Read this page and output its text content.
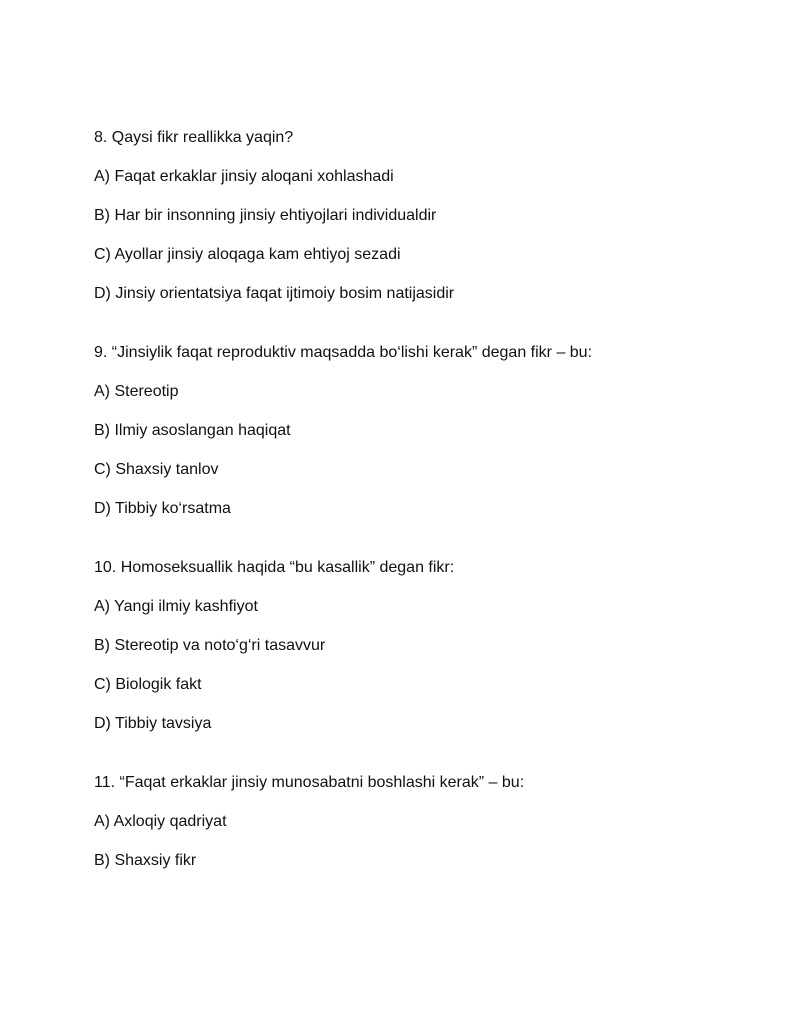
8. Qaysi fikr reallikka yaqin?
A) Faqat erkaklar jinsiy aloqani xohlashadi
B) Har bir insonning jinsiy ehtiyojlari individualdir
C) Ayollar jinsiy aloqaga kam ehtiyoj sezadi
D) Jinsiy orientatsiya faqat ijtimoiy bosim natijasidir
9. “Jinsiylik faqat reproduktiv maqsadda bo‘lishi kerak” degan fikr – bu:
A) Stereotip
B) Ilmiy asoslangan haqiqat
C) Shaxsiy tanlov
D) Tibbiy ko‘rsatma
10. Homoseksuallik haqida “bu kasallik” degan fikr:
A) Yangi ilmiy kashfiyot
B) Stereotip va noto‘g‘ri tasavvur
C) Biologik fakt
D) Tibbiy tavsiya
11. “Faqat erkaklar jinsiy munosabatni boshlashi kerak” – bu:
A) Axloqiy qadriyat
B) Shaxsiy fikr
